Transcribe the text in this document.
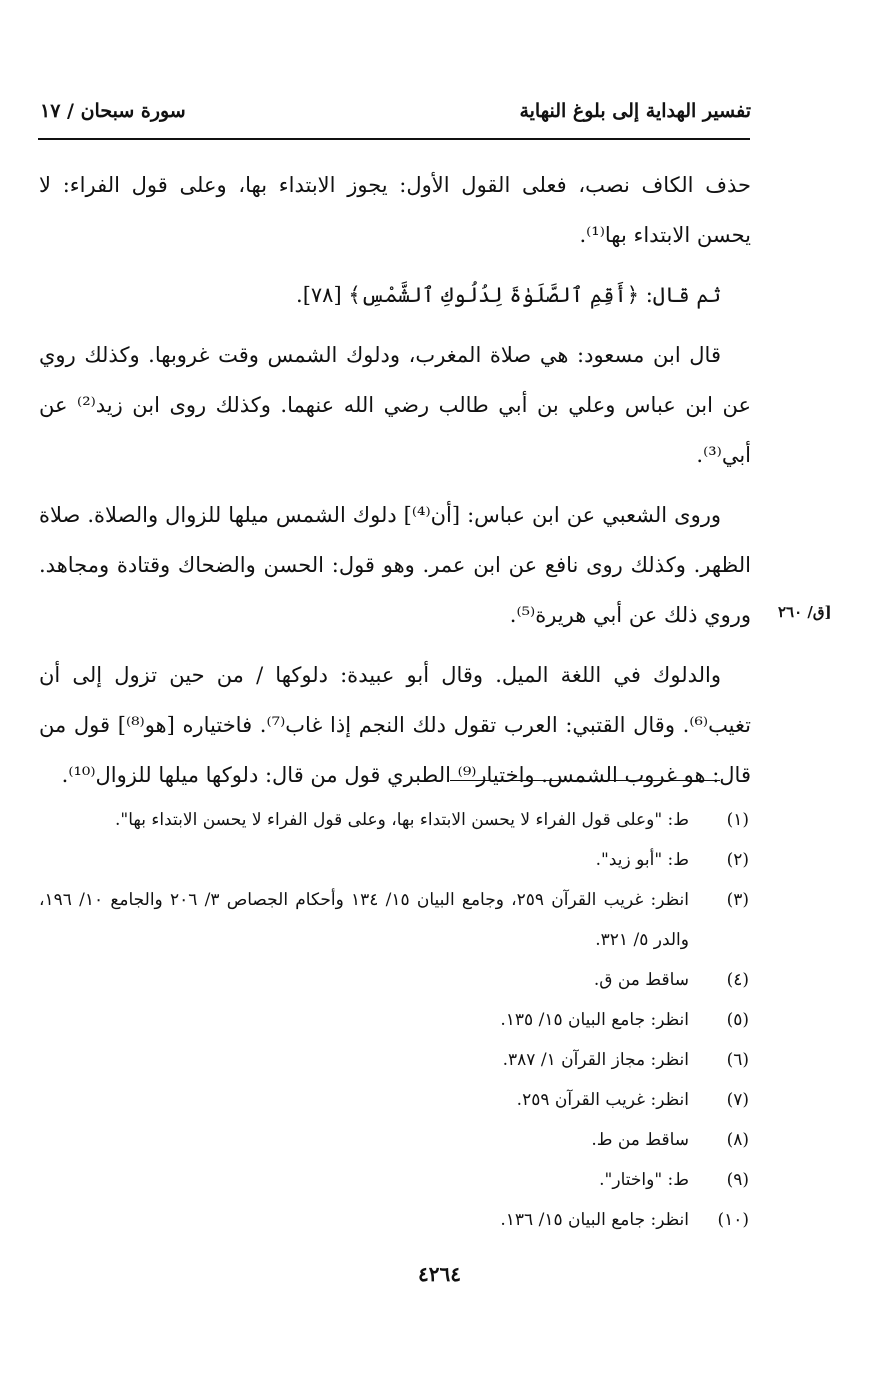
تفسير الهداية إلى بلوغ النهاية
سورة سبحان / ١٧

حذف الكاف نصب، فعلى القول الأول: يجوز الابتداء بها، وعلى قول الفراء: لا يحسن الابتداء بها⁽¹⁾.

ثم قال: ﴿أَقِمِ ٱلصَّلَوٰةَ لِدُلُوكِ ٱلشَّمْسِ﴾ [٧٨].

قال ابن مسعود: هي صلاة المغرب، ودلوك الشمس وقت غروبها. وكذلك روي عن ابن عباس وعلي بن أبي طالب رضي الله عنهما. وكذلك روى ابن زيد⁽²⁾ عن أبي⁽³⁾.

وروى الشعبي عن ابن عباس: [أن⁽⁴⁾] دلوك الشمس ميلها للزوال والصلاة. صلاة الظهر. وكذلك روى نافع عن ابن عمر. وهو قول: الحسن والضحاك وقتادة ومجاهد. وروي ذلك عن أبي هريرة⁽⁵⁾.

والدلوك في اللغة الميل. وقال أبو عبيدة: دلوكها / من حين تزول إلى أن تغيب⁽⁶⁾. وقال القتبي: العرب تقول دلك النجم إذا غاب⁽⁷⁾. فاختياره [هو⁽⁸⁾] قول من قال: هو غروب الشمس. واختيار⁽⁹⁾ الطبري قول من قال: دلوكها ميلها للزوال⁽¹⁰⁾.

[ق/ ٢٦٠
(١)
ط: "وعلى قول الفراء لا يحسن الابتداء بها، وعلى قول الفراء لا يحسن الابتداء بها".
(٢)
ط: "أبو زيد".
(٣)
انظر: غريب القرآن ٢٥٩، وجامع البيان ١٥/ ١٣٤ وأحكام الجصاص ٣/ ٢٠٦ والجامع ١٠/ ١٩٦، والدر ٥/ ٣٢١.
(٤)
ساقط من ق.
(٥)
انظر: جامع البيان ١٥/ ١٣٥.
(٦)
انظر: مجاز القرآن ١/ ٣٨٧.
(٧)
انظر: غريب القرآن ٢٥٩.
(٨)
ساقط من ط.
(٩)
ط: "واختار".
(١٠)
انظر: جامع البيان ١٥/ ١٣٦.
٤٢٦٤
